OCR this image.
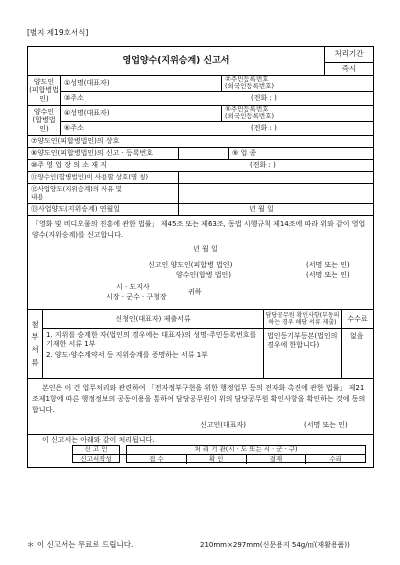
[별지 제19호서식]
영업양수(지위승계) 신고서
처리기간
즉시
양도인
(피합병법인)
①성명(대표자)	②주민등록번호
(외국인등록번호)
③주소	(전화 : )
양수인
(합병법인)
④성명(대표자)	⑤주민등록번호
(외국인등록번호)
⑥주소	(전화 : )
⑦양도인(피합병법인)의 상호
⑧양도인(피합병법인)의 신고 · 등록번호	⑨ 업 종
⑩주 영 업 장 의 소 재 지	(전화 : )
⑪양수인(합병법인)이 사용할 상호(명 칭)
⑫사업양도(지위승계)의 사유 및
내용
⑬사업양도(지위승계) 연월일	년 월 일
「영화 및 비디오물의 진흥에 관한 법률」 제45조 또는 제63조, 동법 시행규칙 제14조에 따라 위와 같이 영업 양수(지위승계)를 신고합니다.
년 월 일
신고인 양도인(피합병 법인)	(서명 또는 인)
양수인(합병 법인)	(서명 또는 인)
시 · 도지사
시장 · 군수 · 구청장
귀하
첨
부
서
류
신청인(대표자) 제출서류
1. 지위를 승계한 자(법인의 경우에는 대표자)의 성명·주민등록번호를 기재한 서류 1부
2. 양도·양수계약서 등 지위승계를 증명하는 서류 1부
담당공무원 확인사항(부동의하는 경우 해당 서류 제출)
법인등기부등본(법인의 경우에 한합니다)
수수료
없음
본인은 이 건 업무처리와 관련하여 「전자정부구현을 위한 행정업무 등의 전자화 촉진에 관한 법률」 제21조제1항에 따른 행정정보의 공동이용을 통하여 담당공무원이 위의 담당공무원 확인사항을 확인하는 것에 동의합니다.
신고인(대표자)	(서명 또는 인)
이 신고서는 아래와 같이 처리됩니다.
신 고 인
신고서작성
처 리 기 관(시 · 도 또는 시 · 군 · 구)
접 수	확 인	결재	수리
＊ 이 신고서는 무료로 드립니다.	210mm×297mm(신문용지 54g/㎡(재활용품))
